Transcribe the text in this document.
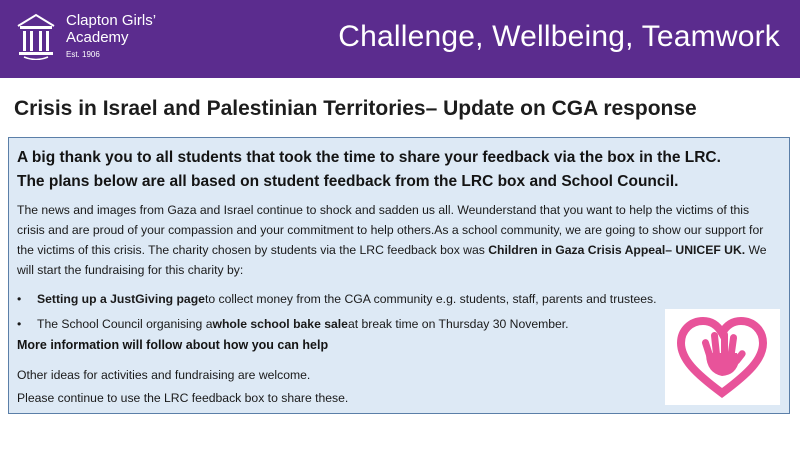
Clapton Girls’
Academy
Est. 1906
Challenge, Wellbeing, Teamwork
Crisis in Israel and Palestinian Territories– Update on CGA response
A big thank you to all students that took the time to share your feedback via the box in the LRC.
The plans below are all based on student feedback from the LRC box and School Council.
The news and images from Gaza and Israel continue to shock and sadden us all. Weunderstand that you want to help the victims of this crisis and are proud of your compassion and your commitment to help others.As a school community, we are going to show our support for the victims of this crisis. The charity chosen by students via the LRC feedback box was Children in Gaza Crisis Appeal– UNICEF UK. We will start the fundraising for this charity by:
• Setting up a JustGiving pageto collect money from the CGA community e.g. students, staff, parents and trustees.
• The School Council organising awhole school bake saleat break time on Thursday 30 November.
More information will follow about how you can help
Other ideas for activities and fundraising are welcome.
Please continue to use the LRC feedback box to share these.
